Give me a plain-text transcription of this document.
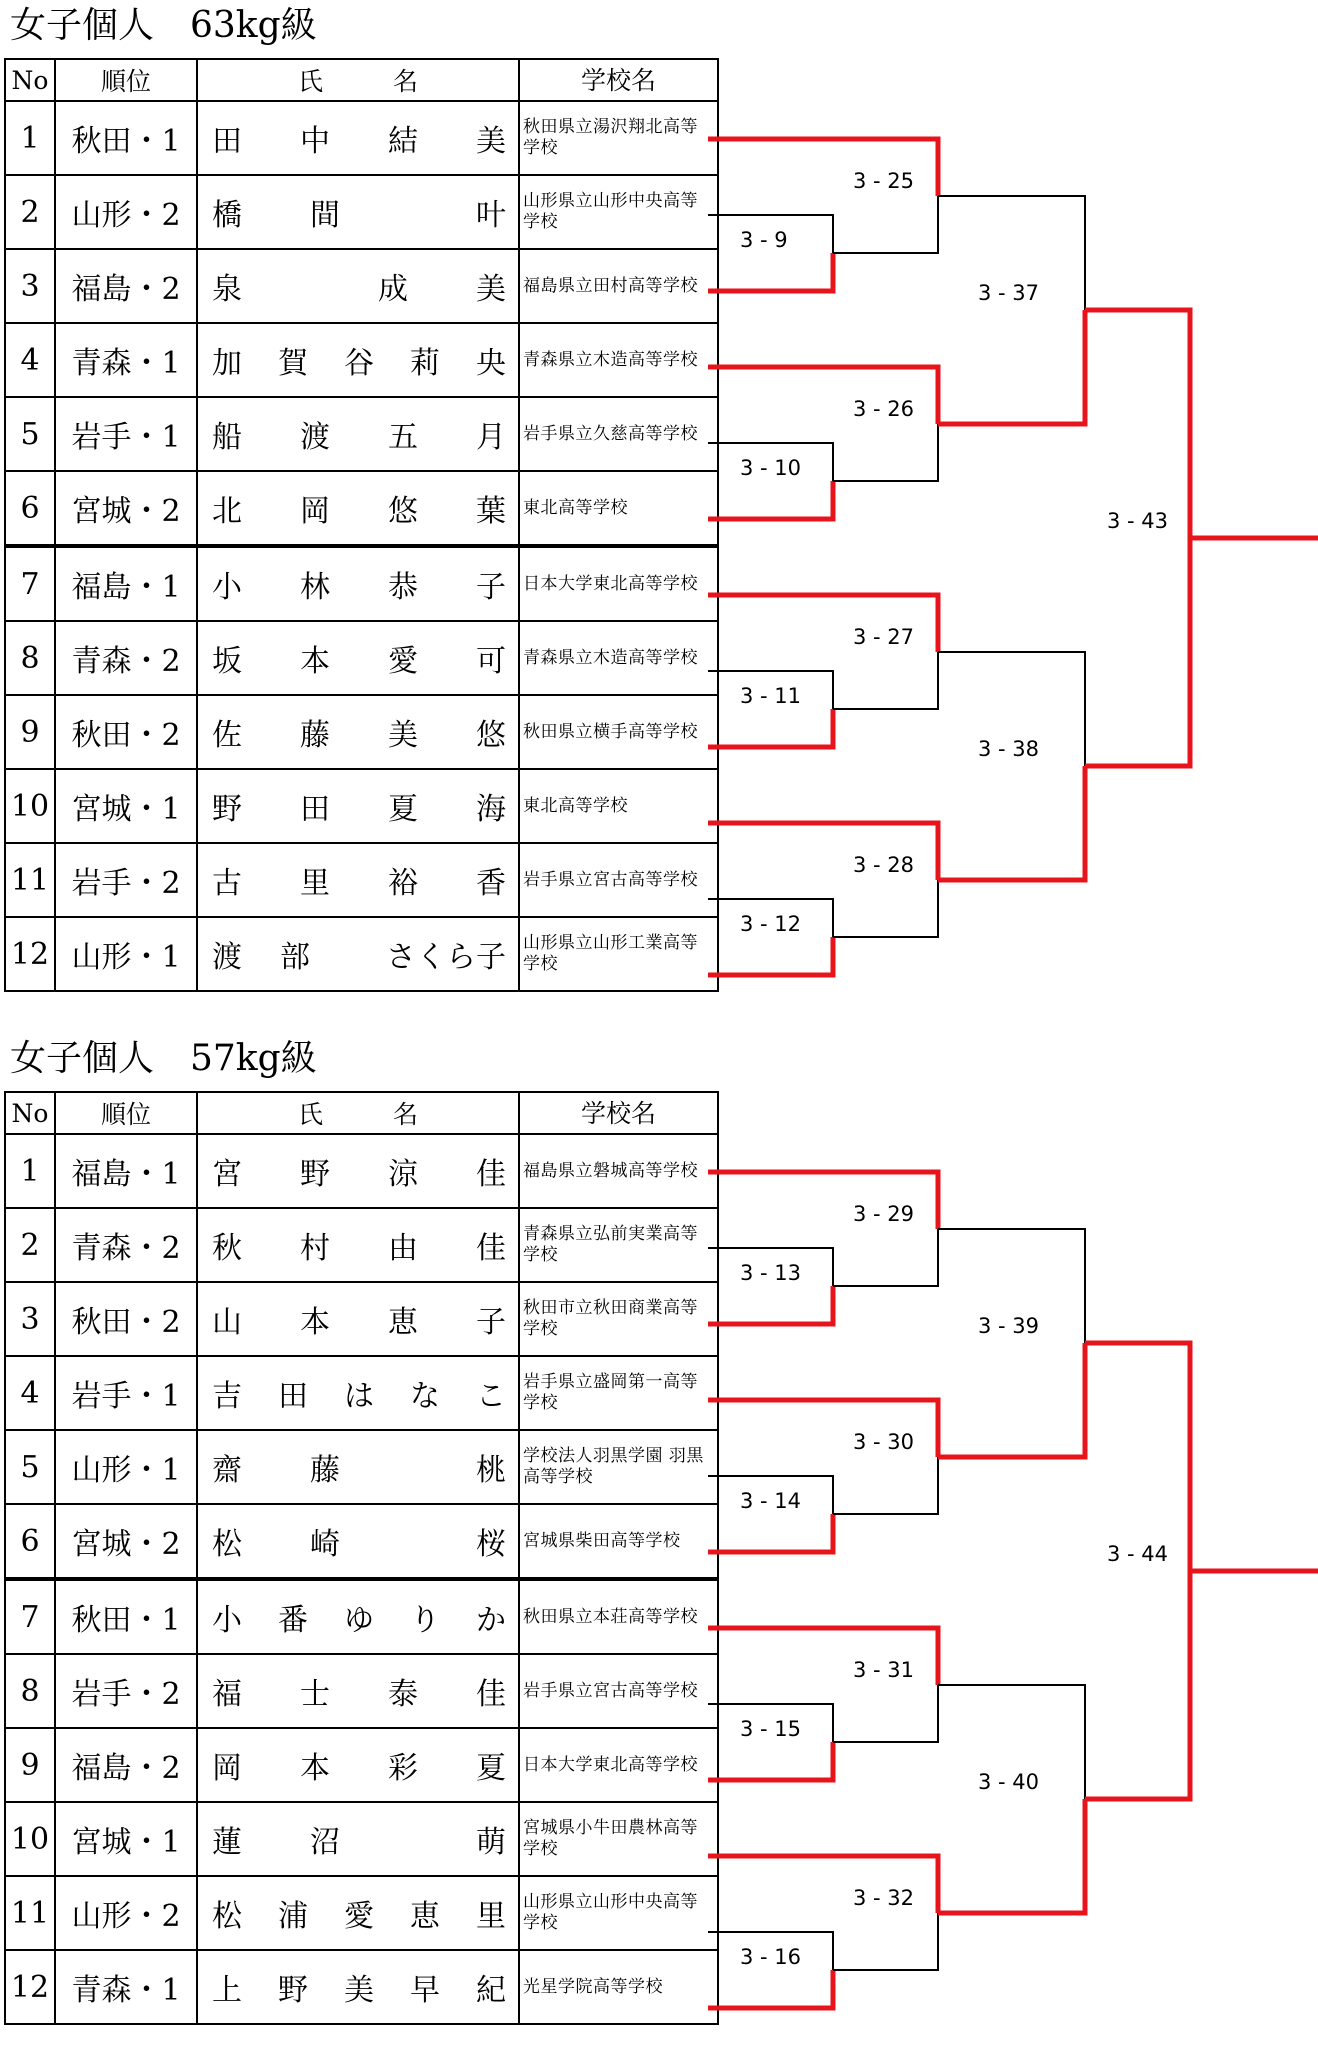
女子個人　63kg級
No	順位	氏 名	学校名
1	秋田・1	田 中 結 美	秋田県立湯沢翔北高等学校

2	山形・2	橋 間 叶	山形県立山形中央高等学校

3	福島・2	泉 成 美	福島県立田村高等学校

4	青森・1	加 賀 谷 莉 央	青森県立木造高等学校

5	岩手・1	船 渡 五 月	岩手県立久慈高等学校

6	宮城・2	北 岡 悠 葉	東北高等学校

7	福島・1	小 林 恭 子	日本大学東北高等学校

8	青森・2	坂 本 愛 可	青森県立木造高等学校

9	秋田・2	佐 藤 美 悠	秋田県立横手高等学校

10	宮城・1	野 田 夏 海	東北高等学校

11	岩手・2	古 里 裕 香	岩手県立宮古高等学校

12	山形・1	渡 部 さくら子	山形県立山形工業高等学校
女子個人　57kg級
No	順位	氏 名	学校名
1	福島・1	宮 野 涼 佳	福島県立磐城高等学校

2	青森・2	秋 村 由 佳	青森県立弘前実業高等学校

3	秋田・2	山 本 恵 子	秋田市立秋田商業高等学校

4	岩手・1	吉 田 は な こ	岩手県立盛岡第一高等学校

5	山形・1	齋 藤 桃	学校法人羽黒学園 羽黒高等学校

6	宮城・2	松 崎 桜	宮城県柴田高等学校

7	秋田・1	小 番 ゆ り か	秋田県立本荘高等学校

8	岩手・2	福 士 泰 佳	岩手県立宮古高等学校

9	福島・2	岡 本 彩 夏	日本大学東北高等学校

10	宮城・1	蓮 沼 萌	宮城県小牛田農林高等学校

11	山形・2	松 浦 愛 恵 里	山形県立山形中央高等学校

12	青森・1	上 野 美 早 紀	光星学院高等学校
3 - 9
3 - 10
3 - 25
3 - 26
3 - 37
3 - 11
3 - 12
3 - 27
3 - 28
3 - 38
3 - 43
3 - 13
3 - 14
3 - 29
3 - 30
3 - 39
3 - 15
3 - 16
3 - 31
3 - 32
3 - 40
3 - 44
